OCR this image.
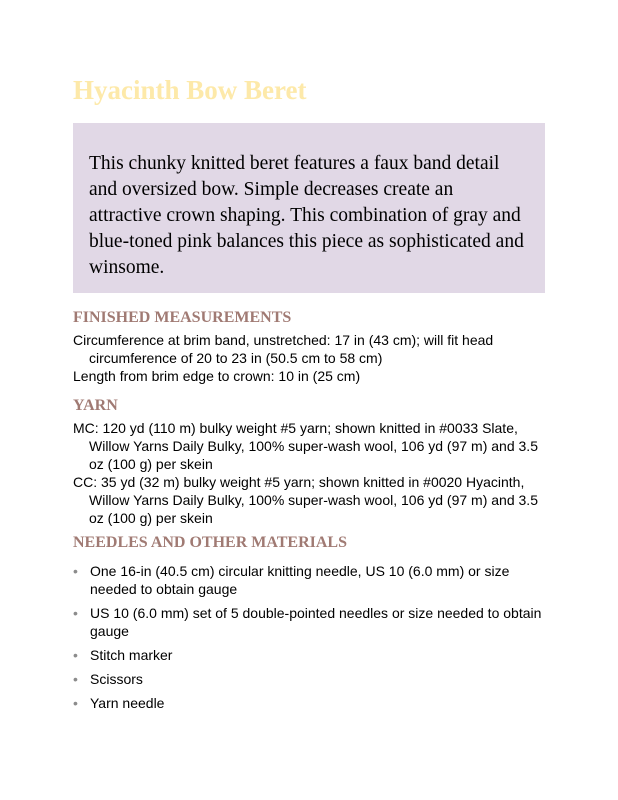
Hyacinth Bow Beret

This chunky knitted beret features a faux band detail and oversized bow. Simple decreases create an attractive crown shaping. This combination of gray and blue-toned pink balances this piece as sophisticated and winsome.

FINISHED MEASUREMENTS

Circumference at brim band, unstretched: 17 in (43 cm); will fit head circumference of 20 to 23 in (50.5 cm to 58 cm)

Length from brim edge to crown: 10 in (25 cm)

YARN

MC: 120 yd (110 m) bulky weight #5 yarn; shown knitted in #0033 Slate, Willow Yarns Daily Bulky, 100% super-wash wool, 106 yd (97 m) and 3.5 oz (100 g) per skein

CC: 35 yd (32 m) bulky weight #5 yarn; shown knitted in #0020 Hyacinth, Willow Yarns Daily Bulky, 100% super-wash wool, 106 yd (97 m) and 3.5 oz (100 g) per skein

NEEDLES AND OTHER MATERIALS
• One 16-in (40.5 cm) circular knitting needle, US 10 (6.0 mm) or size needed to obtain gauge
• US 10 (6.0 mm) set of 5 double-pointed needles or size needed to obtain gauge
• Stitch marker
• Scissors
• Yarn needle
